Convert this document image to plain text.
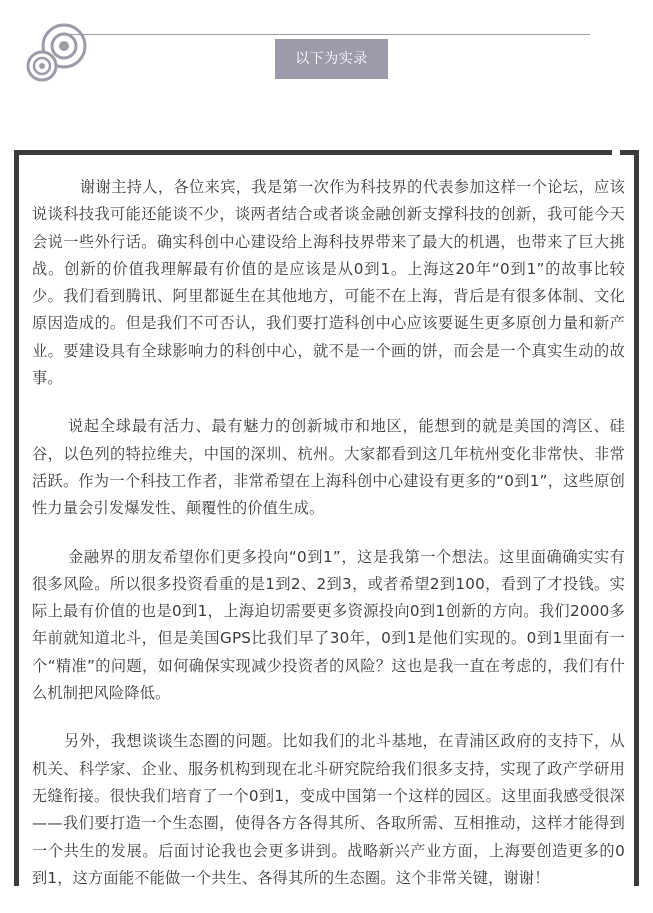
以下为实录

谢谢主持人，各位来宾，我是第一次作为科技界的代表参加这样一个论坛，应该说谈科技我可能还能谈不少，谈两者结合或者谈金融创新支撑科技的创新，我可能今天会说一些外行话。确实科创中心建设给上海科技界带来了最大的机遇，也带来了巨大挑战。创新的价值我理解最有价值的是应该是从0到1。上海这20年“0到1”的故事比较少。我们看到腾讯、阿里都诞生在其他地方，可能不在上海，背后是有很多体制、文化原因造成的。但是我们不可否认，我们要打造科创中心应该要诞生更多原创力量和新产业。要建设具有全球影响力的科创中心，就不是一个画的饼，而会是一个真实生动的故事。

说起全球最有活力、最有魅力的创新城市和地区，能想到的就是美国的湾区、硅谷，以色列的特拉维夫，中国的深圳、杭州。大家都看到这几年杭州变化非常快、非常活跃。作为一个科技工作者，非常希望在上海科创中心建设有更多的“0到1”，这些原创性力量会引发爆发性、颠覆性的价值生成。

金融界的朋友希望你们更多投向“0到1”，这是我第一个想法。这里面确确实实有很多风险。所以很多投资看重的是1到2、2到3，或者希望2到100，看到了才投钱。实际上最有价值的也是0到1，上海迫切需要更多资源投向0到1创新的方向。我们2000多年前就知道北斗，但是美国GPS比我们早了30年，0到1是他们实现的。0到1里面有一个“精准”的问题，如何确保实现减少投资者的风险？这也是我一直在考虑的，我们有什么机制把风险降低。

另外，我想谈谈生态圈的问题。比如我们的北斗基地，在青浦区政府的支持下，从机关、科学家、企业、服务机构到现在北斗研究院给我们很多支持，实现了政产学研用无缝衔接。很快我们培育了一个0到1，变成中国第一个这样的园区。这里面我感受很深——我们要打造一个生态圈，使得各方各得其所、各取所需、互相推动，这样才能得到一个共生的发展。后面讨论我也会更多讲到。战略新兴产业方面，上海要创造更多的0到1，这方面能不能做一个共生、各得其所的生态圈。这个非常关键，谢谢！
